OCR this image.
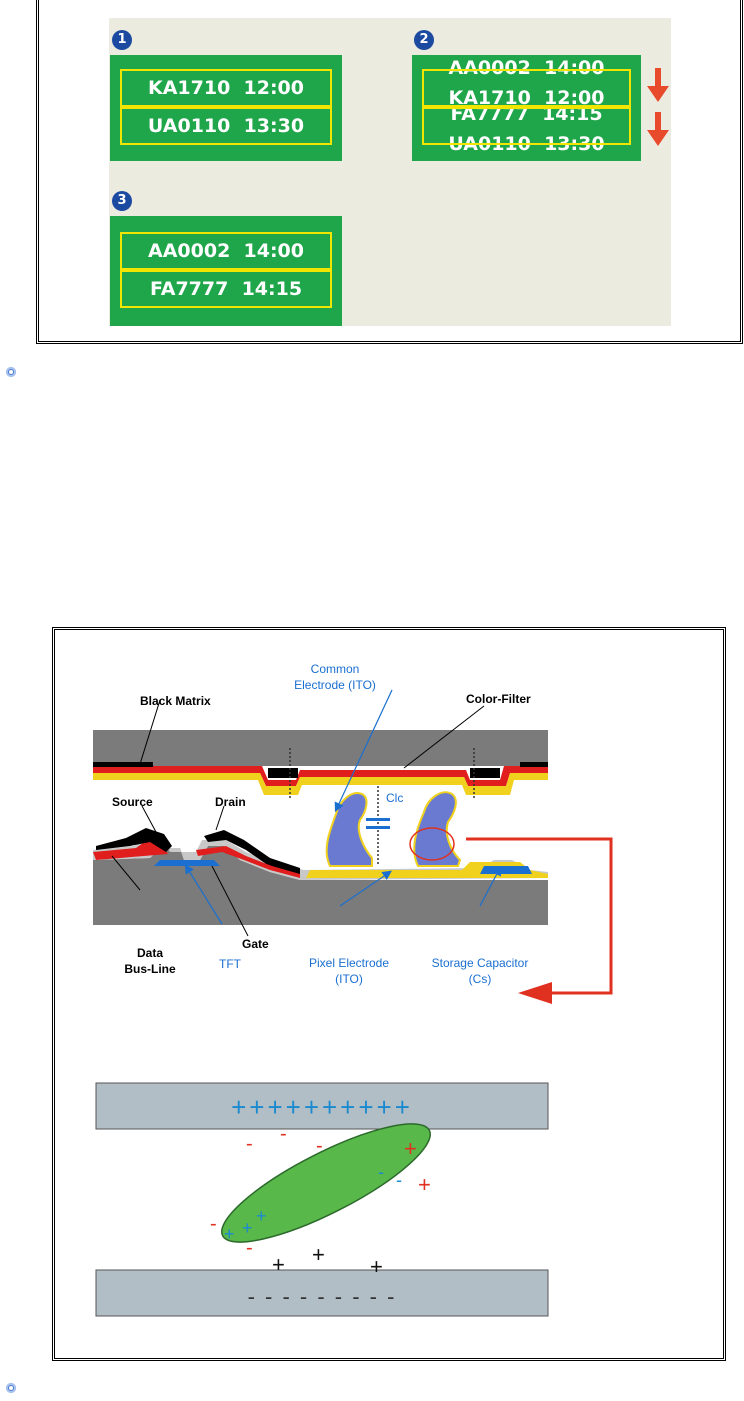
1	2
3
KA1710  12:00
UA0110  13:30
AA0002  14:00
KA1710  12:00
FA7777  14:15
UA0110  13:30
AA0002  14:00
FA7777  14:15
Black Matrix
Common
Electrode (ITO)
Color-Filter
Clc
Source	Drain
Gate
Data
Bus-Line	TFT	Pixel Electrode
(ITO)
Storage Capacitor
(Cs)
++++++++++
- - - - - - - - -
- -
-
-
-
+
+
- -
+ +
+
+ + +
